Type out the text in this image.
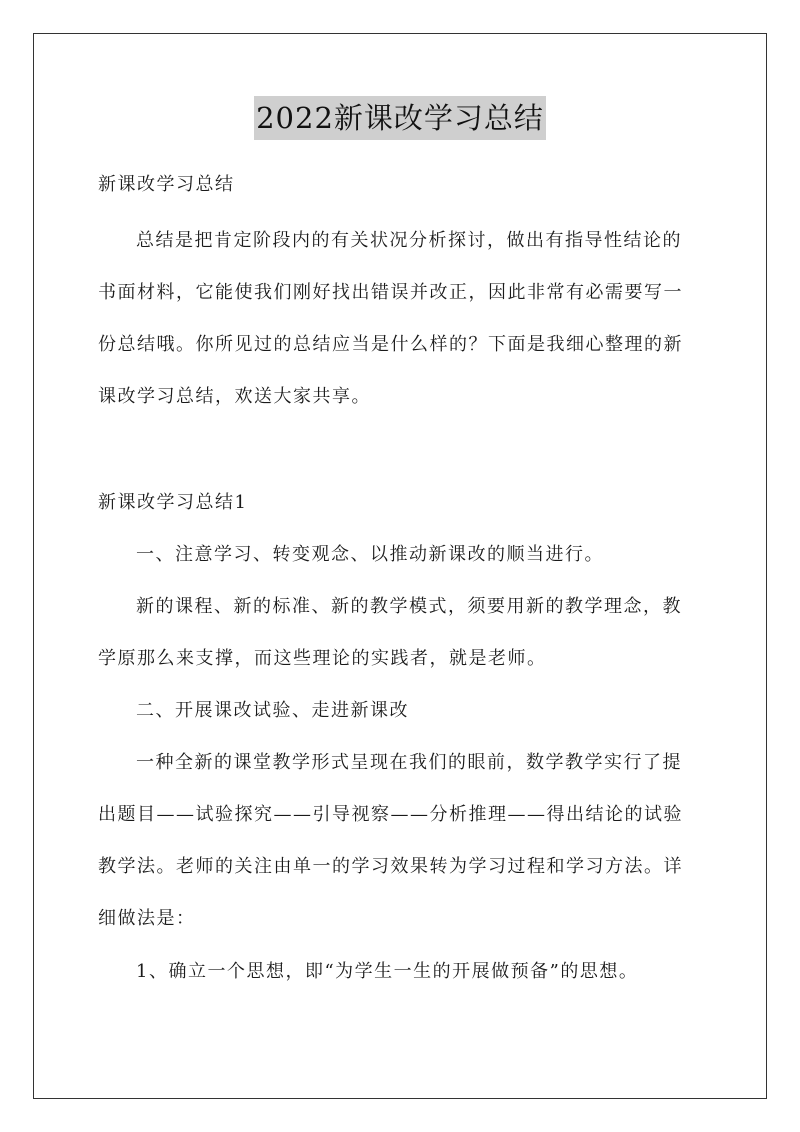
2022新课改学习总结
新课改学习总结
总结是把肯定阶段内的有关状况分析探讨，做出有指导性结论的
书面材料，它能使我们刚好找出错误并改正，因此非常有必需要写一
份总结哦。你所见过的总结应当是什么样的？下面是我细心整理的新
课改学习总结，欢送大家共享。
新课改学习总结1
一、注意学习、转变观念、以推动新课改的顺当进行。
新的课程、新的标准、新的教学模式，须要用新的教学理念，教
学原那么来支撑，而这些理论的实践者，就是老师。
二、开展课改试验、走进新课改
一种全新的课堂教学形式呈现在我们的眼前，数学教学实行了提
出题目——试验探究——引导视察——分析推理——得出结论的试验
教学法。老师的关注由单一的学习效果转为学习过程和学习方法。详
细做法是：
1、确立一个思想，即“为学生一生的开展做预备”的思想。
